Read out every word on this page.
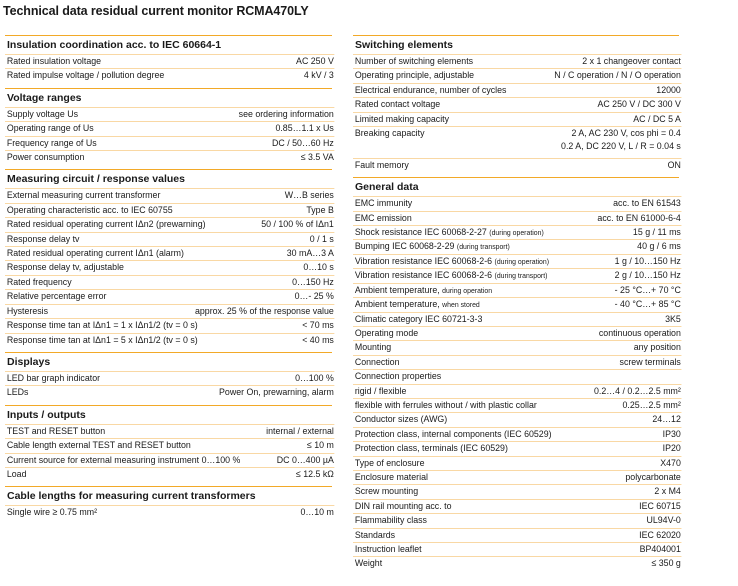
Technical data residual current monitor RCMA470LY
Insulation coordination acc. to IEC 60664-1
Rated insulation voltage	AC 250 V
Rated impulse voltage / pollution degree	4 kV / 3
Voltage ranges
Supply voltage Us	see ordering information
Operating range of Us	0.85…1.1 x Us
Frequency range of Us	DC / 50…60 Hz
Power consumption	≤ 3.5 VA
Measuring circuit / response values
External measuring current transformer	W…B series
Operating characteristic acc. to IEC 60755	Type B
Rated residual operating current IΔn2 (prewarning)	50 / 100 % of IΔn1
Response delay tv	0 / 1 s
Rated residual operating current IΔn1 (alarm)	30 mA…3 A
Response delay tv, adjustable	0…10 s
Rated frequency	0…150 Hz
Relative percentage error	0…- 25 %
Hysteresis	approx. 25 % of the response value
Response time tan at IΔn1 = 1 x IΔn1/2 (tv = 0 s)	< 70 ms
Response time tan at IΔn1 = 5 x IΔn1/2 (tv = 0 s)	< 40 ms
Displays
LED bar graph indicator	0…100 %
LEDs	Power On, prewarning, alarm
Inputs / outputs
TEST and RESET button	internal / external
Cable length external TEST and RESET button	≤ 10 m
Current source for external measuring instrument 0…100 %	DC 0…400 µA
Load	≤ 12.5 kΩ
Cable lengths for measuring current transformers
Single wire ≥ 0.75 mm²	0…10 m
Switching elements
Number of switching elements	2 x 1 changeover contact
Operating principle, adjustable	N / C operation / N / O operation
Electrical endurance, number of cycles	12000
Rated contact voltage	AC 250 V / DC 300 V
Limited making capacity	AC / DC 5 A
Breaking capacity	2 A, AC 230 V, cos phi = 0.4
0.2 A, DC 220 V, L / R = 0.04 s
Fault memory	ON
General data
EMC immunity	acc. to EN 61543
EMC emission	acc. to EN 61000-6-4
Shock resistance IEC 60068-2-27 (during operation)	15 g / 11 ms
Bumping IEC 60068-2-29 (during transport)	40 g / 6 ms
Vibration resistance IEC 60068-2-6 (during operation)	1 g / 10…150 Hz
Vibration resistance IEC 60068-2-6 (during transport)	2 g / 10…150 Hz
Ambient temperature, during operation	- 25 °C…+ 70 °C
Ambient temperature, when stored	- 40 °C…+ 85 °C
Climatic category IEC 60721-3-3	3K5
Operating mode	continuous operation
Mounting	any position
Connection	screw terminals
Connection properties
rigid / flexible	0.2…4 / 0.2…2.5 mm²
flexible with ferrules without / with plastic collar	0.25…2.5 mm²
Conductor sizes (AWG)	24…12
Protection class, internal components (IEC 60529)	IP30
Protection class, terminals (IEC 60529)	IP20
Type of enclosure	X470
Enclosure material	polycarbonate
Screw mounting	2 x M4
DIN rail mounting acc. to	IEC 60715
Flammability class	UL94V-0
Standards	IEC 62020
Instruction leaflet	BP404001
Weight	≤ 350 g
